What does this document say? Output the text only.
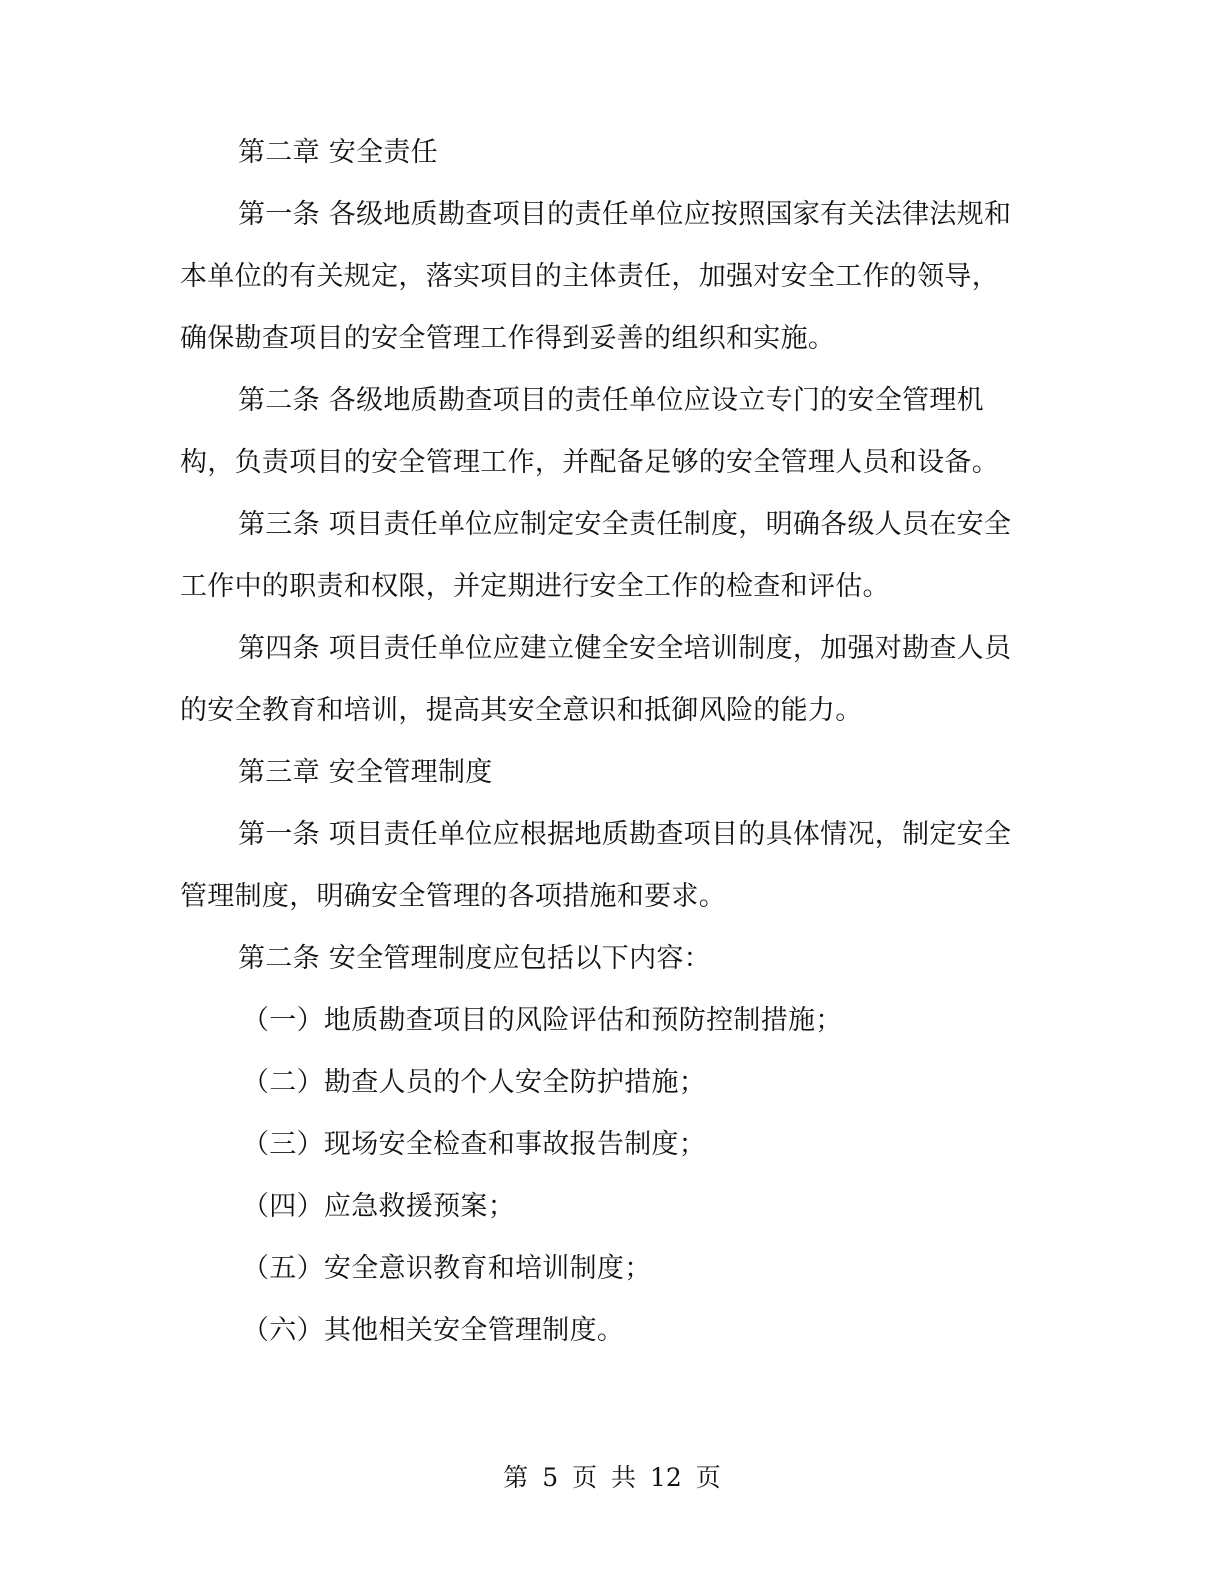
第二章 安全责任
第一条 各级地质勘查项目的责任单位应按照国家有关法律法规和
本单位的有关规定，落实项目的主体责任，加强对安全工作的领导，
确保勘查项目的安全管理工作得到妥善的组织和实施。
第二条 各级地质勘查项目的责任单位应设立专门的安全管理机
构，负责项目的安全管理工作，并配备足够的安全管理人员和设备。
第三条 项目责任单位应制定安全责任制度，明确各级人员在安全
工作中的职责和权限，并定期进行安全工作的检查和评估。
第四条 项目责任单位应建立健全安全培训制度，加强对勘查人员
的安全教育和培训，提高其安全意识和抵御风险的能力。
第三章 安全管理制度
第一条 项目责任单位应根据地质勘查项目的具体情况，制定安全
管理制度，明确安全管理的各项措施和要求。
第二条 安全管理制度应包括以下内容：
（一）地质勘查项目的风险评估和预防控制措施；
（二）勘查人员的个人安全防护措施；
（三）现场安全检查和事故报告制度；
（四）应急救援预案；
（五）安全意识教育和培训制度；
（六）其他相关安全管理制度。
第 5 页 共 12 页
